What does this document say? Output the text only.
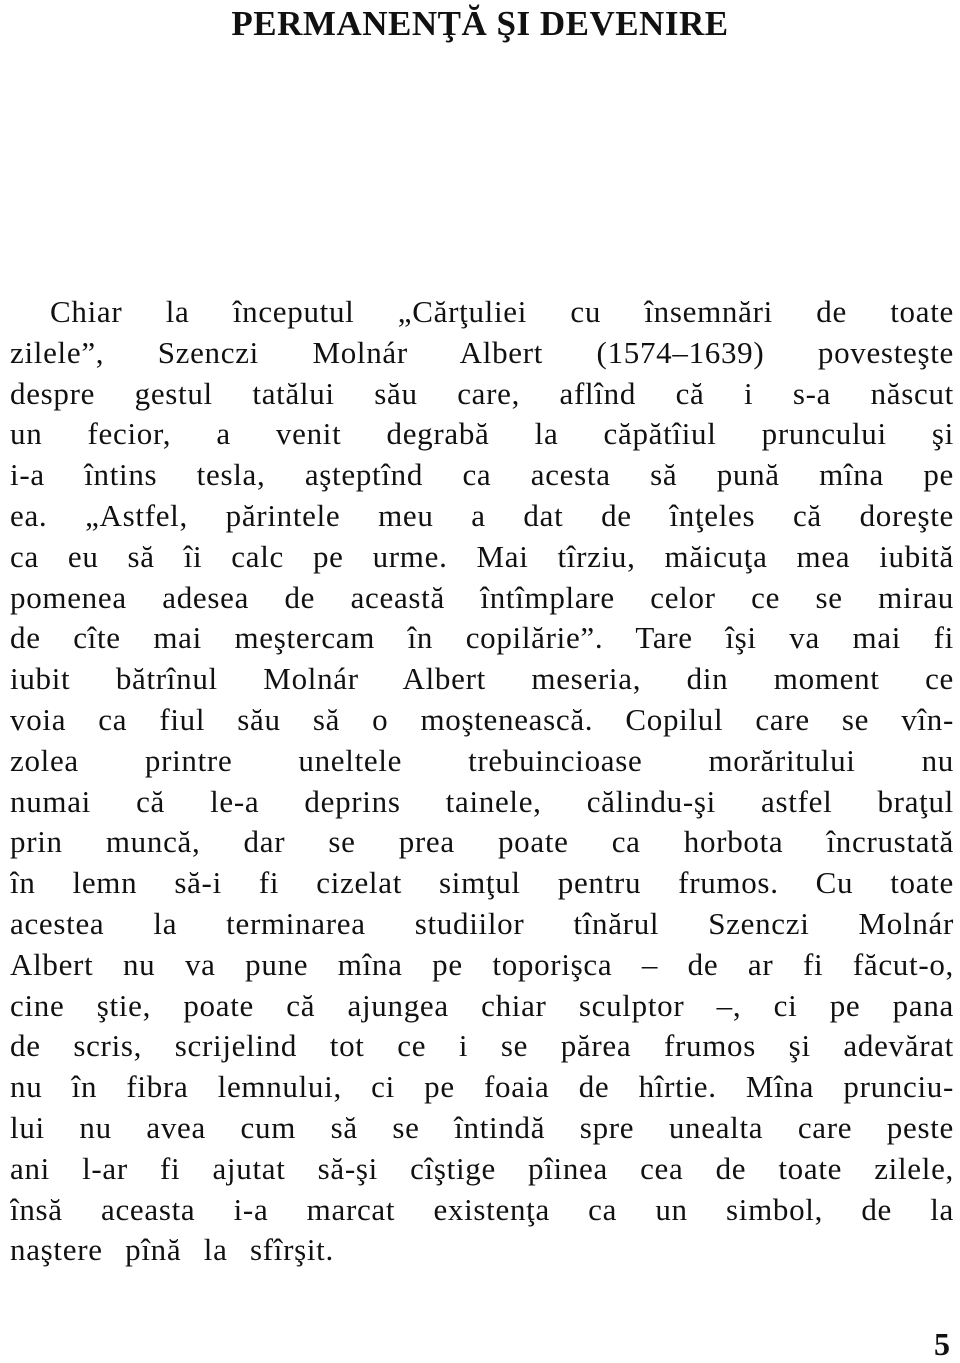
PERMANENŢĂ ŞI DEVENIRE
Chiar la începutul „Cărţuliei cu însemnări de toate
zilele”, Szenczi Molnár Albert (1574–1639) povesteşte
despre gestul tatălui său care, aflînd că i s-a născut
un fecior, a venit degrabă la căpătîiul pruncului şi
i-a întins tesla, aşteptînd ca acesta să pună mîna pe
ea. „Astfel, părintele meu a dat de înţeles că doreşte
ca eu să îi calc pe urme. Mai tîrziu, măicuţa mea iubită
pomenea adesea de această întîmplare celor ce se mirau
de cîte mai meştercam în copilărie”. Tare îşi va mai fi
iubit bătrînul Molnár Albert meseria, din moment ce
voia ca fiul său să o moştenească. Copilul care se vîn-
zolea printre uneltele trebuincioase morăritului nu
numai că le-a deprins tainele, călindu-şi astfel braţul
prin muncă, dar se prea poate ca horbota încrustată
în lemn să-i fi cizelat simţul pentru frumos. Cu toate
acestea la terminarea studiilor tînărul Szenczi Molnár
Albert nu va pune mîna pe toporişca – de ar fi făcut-o,
cine ştie, poate că ajungea chiar sculptor –, ci pe pana
de scris, scrijelind tot ce i se părea frumos şi adevărat
nu în fibra lemnului, ci pe foaia de hîrtie. Mîna prunciu-
lui nu avea cum să se întindă spre unealta care peste
ani l-ar fi ajutat să-şi cîştige pîinea cea de toate zilele,
însă aceasta i-a marcat existenţa ca un simbol, de la
naştere pînă la sfîrşit.
5
